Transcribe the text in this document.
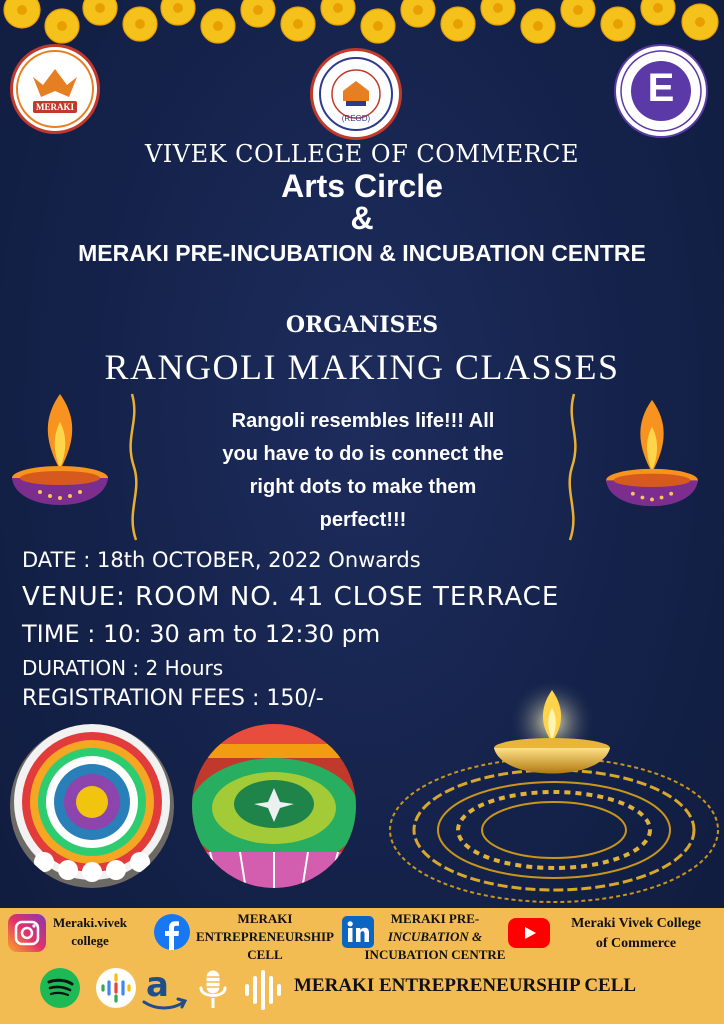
MERAKI
(REGD)
E
VIVEK COLLEGE OF COMMERCE
Arts Circle
&
MERAKI PRE-INCUBATION & INCUBATION CENTRE
ORGANISES
RANGOLI MAKING CLASSES
Rangoli resembles life!!! All
you have to do is connect the
right dots to make them
perfect!!!
DATE : 18th OCTOBER, 2022 Onwards
VENUE: ROOM NO. 41 CLOSE TERRACE
TIME : 10: 30 am to 12:30 pm
DURATION : 2 Hours
REGISTRATION FEES : 150/-
Meraki.vivek
college
MERAKI
ENTREPRENEURSHIP
CELL
MERAKI PRE-
INCUBATION &
INCUBATION CENTRE
Meraki Vivek College
of Commerce
a	MERAKI ENTREPRENEURSHIP CELL
